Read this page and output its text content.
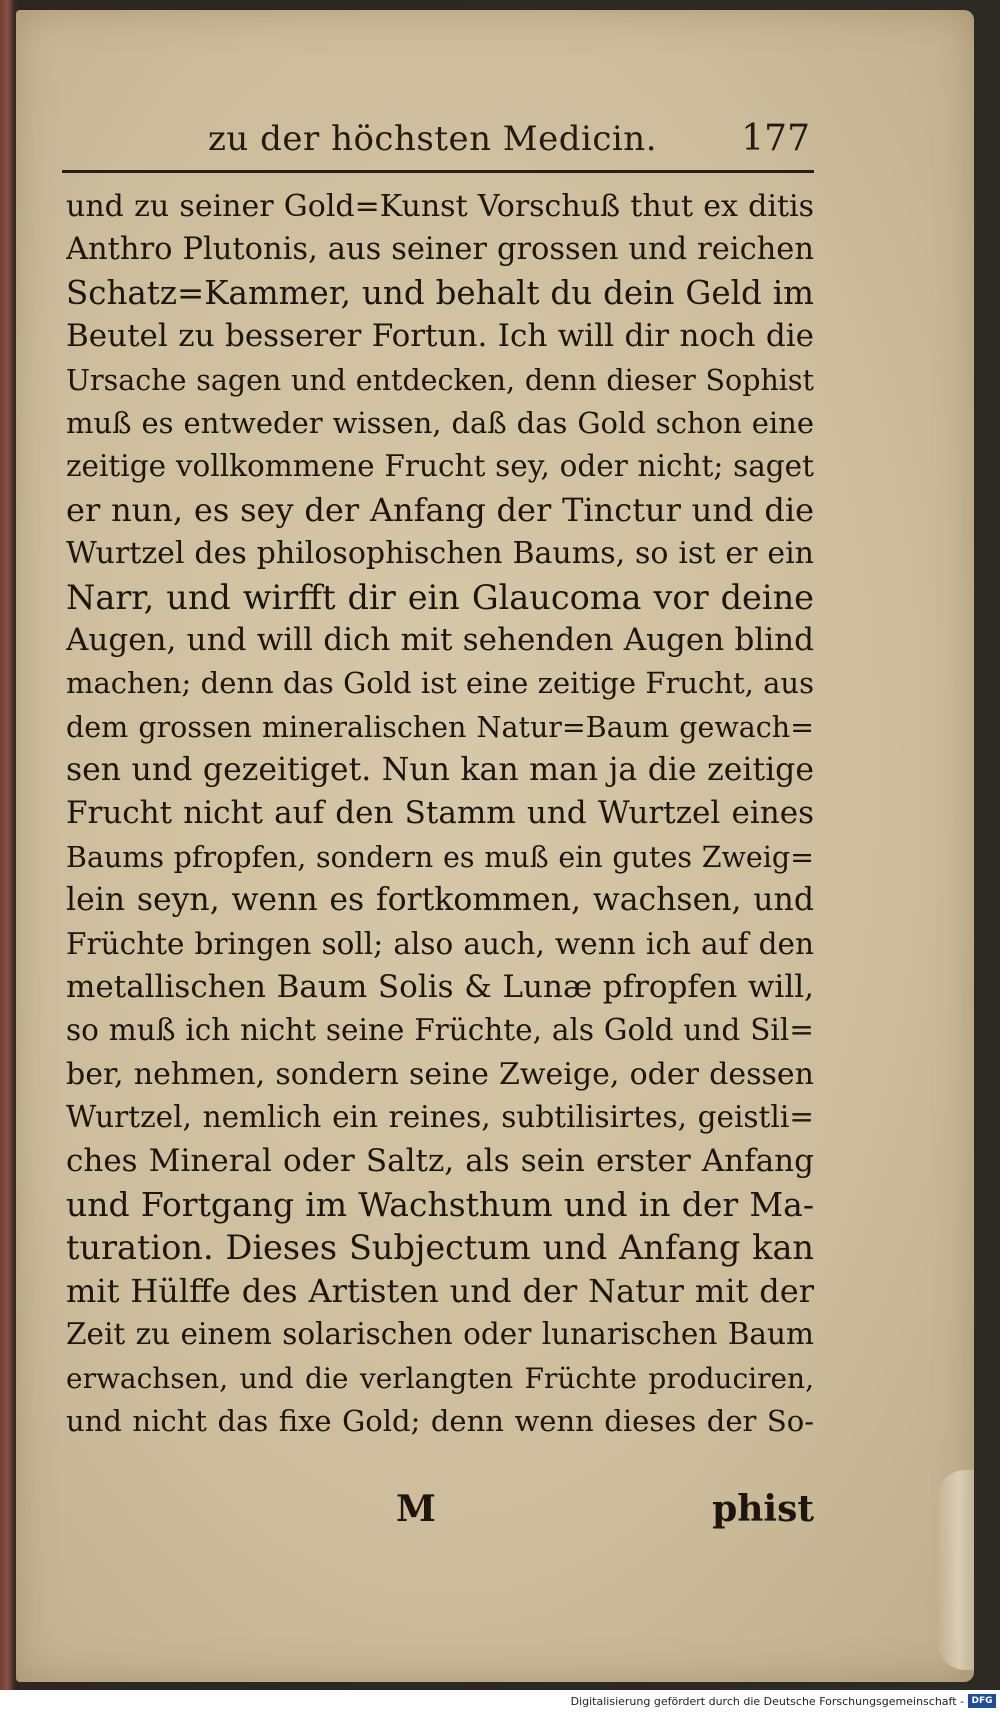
zu der höchsten Medicin. 177
und zu seiner Gold=Kunst Vorschuß thut ex ditis
Anthro Plutonis, aus seiner grossen und reichen
Schatz=Kammer, und behalt du dein Geld im
Beutel zu besserer Fortun. Ich will dir noch die
Ursache sagen und entdecken, denn dieser Sophist
muß es entweder wissen, daß das Gold schon eine
zeitige vollkommene Frucht sey, oder nicht; saget
er nun, es sey der Anfang der Tinctur und die
Wurtzel des philosophischen Baums, so ist er ein
Narr, und wirfft dir ein Glaucoma vor deine
Augen, und will dich mit sehenden Augen blind
machen; denn das Gold ist eine zeitige Frucht, aus
dem grossen mineralischen Natur=Baum gewach=
sen und gezeitiget. Nun kan man ja die zeitige
Frucht nicht auf den Stamm und Wurtzel eines
Baums pfropfen, sondern es muß ein gutes Zweig=
lein seyn, wenn es fortkommen, wachsen, und
Früchte bringen soll; also auch, wenn ich auf den
metallischen Baum Solis & Lunæ pfropfen will,
so muß ich nicht seine Früchte, als Gold und Sil=
ber, nehmen, sondern seine Zweige, oder dessen
Wurtzel, nemlich ein reines, subtilisirtes, geistli=
ches Mineral oder Saltz, als sein erster Anfang
und Fortgang im Wachsthum und in der Ma-
turation. Dieses Subjectum und Anfang kan
mit Hülffe des Artisten und der Natur mit der
Zeit zu einem solarischen oder lunarischen Baum
erwachsen, und die verlangten Früchte produciren,
und nicht das fixe Gold; denn wenn dieses der So-
M	phist
Digitalisierung gefördert durch die Deutsche Forschungsgemeinschaft - DFG
